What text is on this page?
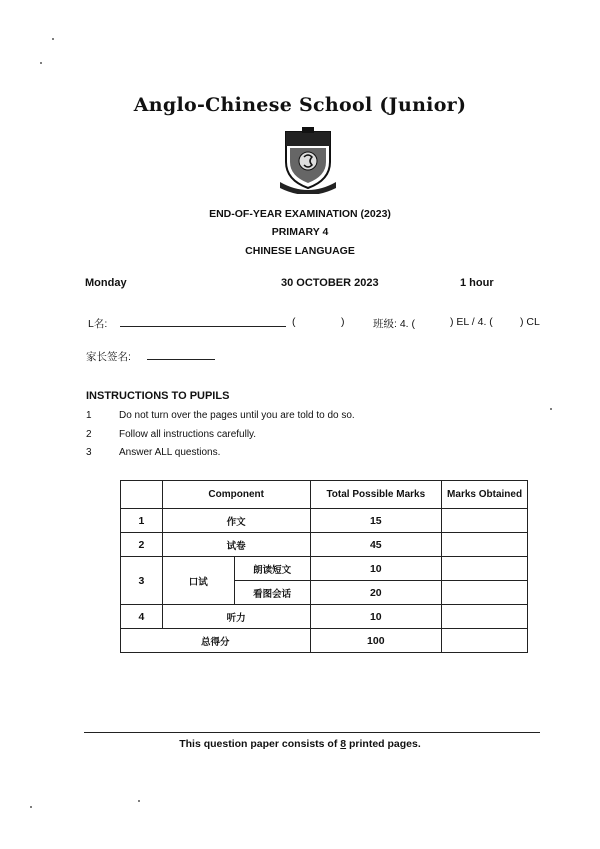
Anglo-Chinese School (Junior)
END-OF-YEAR EXAMINATION (2023)
PRIMARY 4
CHINESE LANGUAGE
Monday	30 OCTOBER 2023	1 hour
L名:	(	)	班级: 4. (	) EL / 4. (	) CL
家长签名:
INSTRUCTIONS TO PUPILS
1	Do not turn over the pages until you are told to do so.
2	Follow all instructions carefully.
3	Answer ALL questions.
	Component		Total Possible Marks	Marks Obtained
1	作文		15	
2	试卷		45	
3	口试	朗读短文	10	
		看图会话	20	
4	听力		10	
总得分			100	
This question paper consists of 8 printed pages.
